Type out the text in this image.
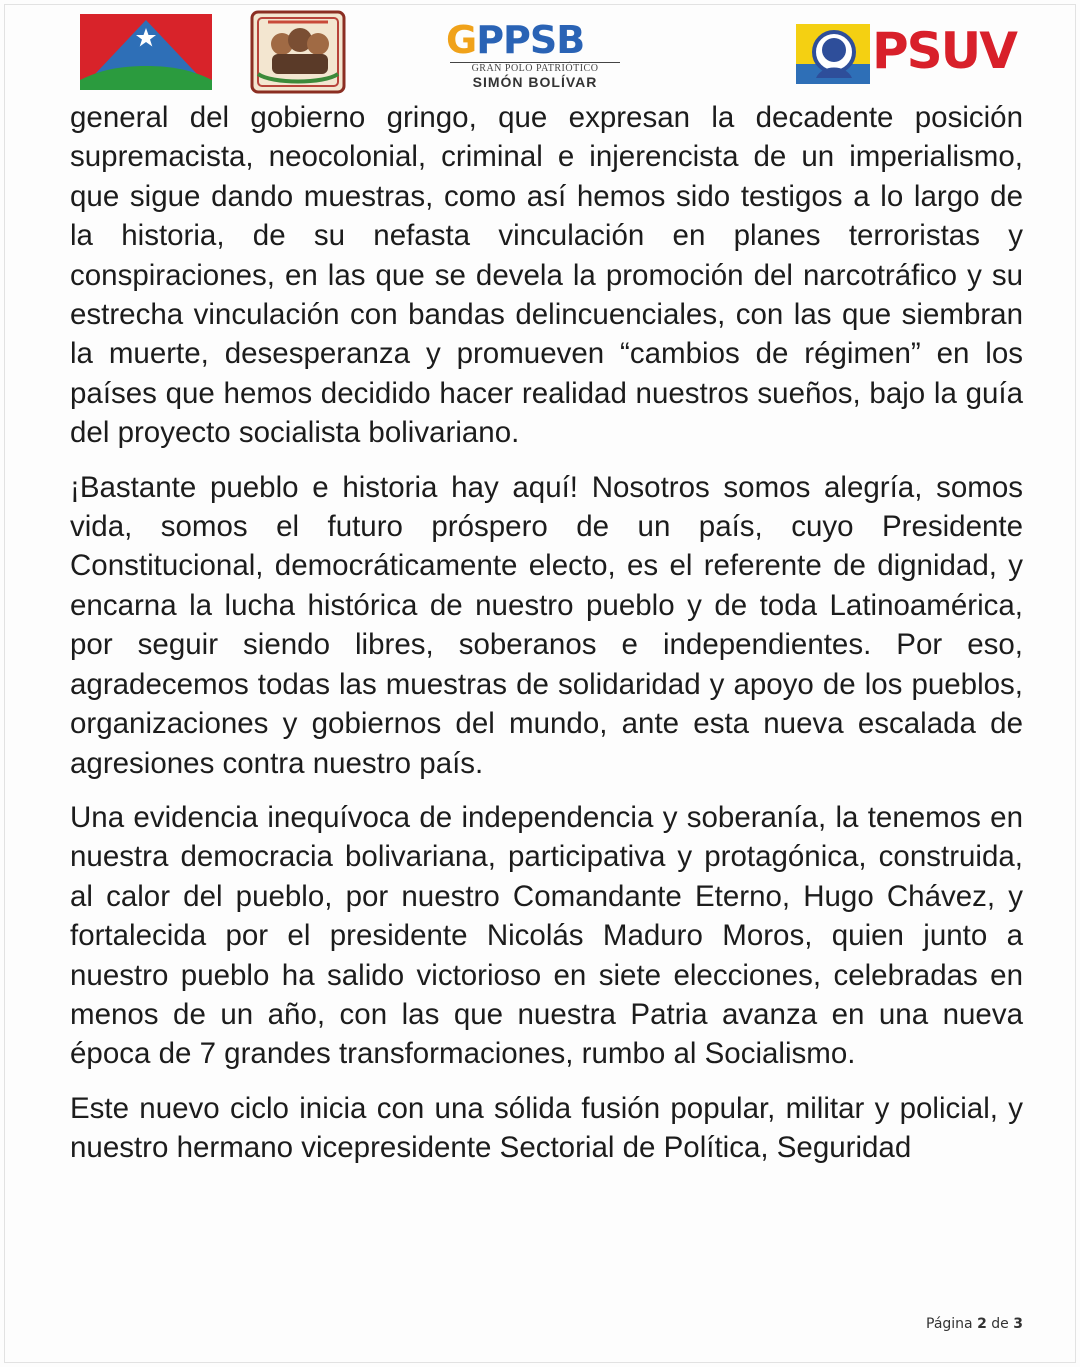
GPPSB
GRAN POLO PATRIÓTICO
SIMÓN BOLÍVAR
PSUV

general del gobierno gringo, que expresan la decadente posición supremacista, neocolonial, criminal e injerencista de un imperialismo, que sigue dando muestras, como así hemos sido testigos a lo largo de la historia, de su nefasta vinculación en planes terroristas y conspiraciones, en las que se devela la promoción del narcotráfico y su estrecha vinculación con bandas delincuenciales, con las que siembran la muerte, desesperanza y promueven “cambios de régimen” en los países que hemos decidido hacer realidad nuestros sueños, bajo la guía del proyecto socialista bolivariano.

¡Bastante pueblo e historia hay aquí! Nosotros somos alegría, somos vida, somos el futuro próspero de un país, cuyo Presidente Constitucional, democráticamente electo, es el referente de dignidad, y encarna la lucha histórica de nuestro pueblo y de toda Latinoamérica, por seguir siendo libres, soberanos e independientes. Por eso, agradecemos todas las muestras de solidaridad y apoyo de los pueblos, organizaciones y gobiernos del mundo, ante esta nueva escalada de agresiones contra nuestro país.

Una evidencia inequívoca de independencia y soberanía, la tenemos en nuestra democracia bolivariana, participativa y protagónica, construida, al calor del pueblo, por nuestro Comandante Eterno, Hugo Chávez, y fortalecida por el presidente Nicolás Maduro Moros, quien junto a nuestro pueblo ha salido victorioso en siete elecciones, celebradas en menos de un año, con las que nuestra Patria avanza en una nueva época de 7 grandes transformaciones, rumbo al Socialismo.

Este nuevo ciclo inicia con una sólida fusión popular, militar y policial, y nuestro hermano vicepresidente Sectorial de Política, Seguridad

Página 2 de 3
